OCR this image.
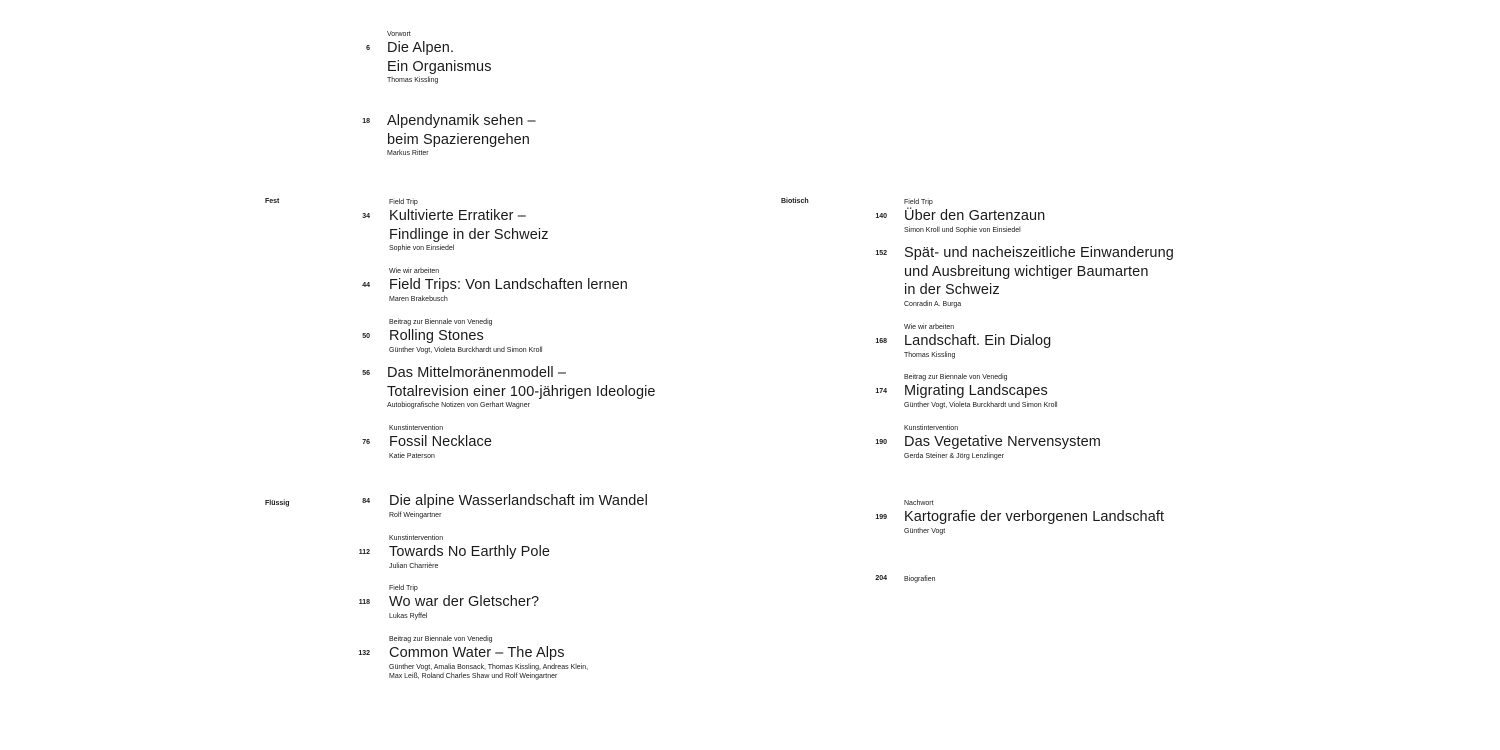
Fest
Flüssig
Biotisch
Vorwort
Die Alpen.
Ein Organismus
Thomas Kissling
6
Alpendynamik sehen –
beim Spazierengehen
Markus Ritter
18
Field Trip
Kultivierte Erratiker –
Findlinge in der Schweiz
Sophie von Einsiedel
34
Wie wir arbeiten
Field Trips: Von Landschaften lernen
Maren Brakebusch
44
Beitrag zur Biennale von Venedig
Rolling Stones
Günther Vogt, Violeta Burckhardt und Simon Kroll
50
Das Mittelmoränenmodell –
Totalrevision einer 100-jährigen Ideologie
Autobiografische Notizen von Gerhart Wagner
56
Kunstintervention
Fossil Necklace
Katie Paterson
76
Die alpine Wasserlandschaft im Wandel
Rolf Weingartner
84
Kunstintervention
Towards No Earthly Pole
Julian Charrière
112
Field Trip
Wo war der Gletscher?
Lukas Ryffel
118
Beitrag zur Biennale von Venedig
Common Water – The Alps
Günther Vogt, Amalia Bonsack, Thomas Kissling, Andreas Klein,
Max Leiß, Roland Charles Shaw und Rolf Weingartner
132
Field Trip
Über den Gartenzaun
Simon Kroll und Sophie von Einsiedel
140
Spät- und nacheiszeitliche Einwanderung
und Ausbreitung wichtiger Baumarten
in der Schweiz
Conradin A. Burga
152
Wie wir arbeiten
Landschaft. Ein Dialog
Thomas Kissling
168
Beitrag zur Biennale von Venedig
Migrating Landscapes
Günther Vogt, Violeta Burckhardt und Simon Kroll
174
Kunstintervention
Das Vegetative Nervensystem
Gerda Steiner & Jörg Lenzlinger
190
Nachwort
Kartografie der verborgenen Landschaft
Günther Vogt
199
204 Biografien
